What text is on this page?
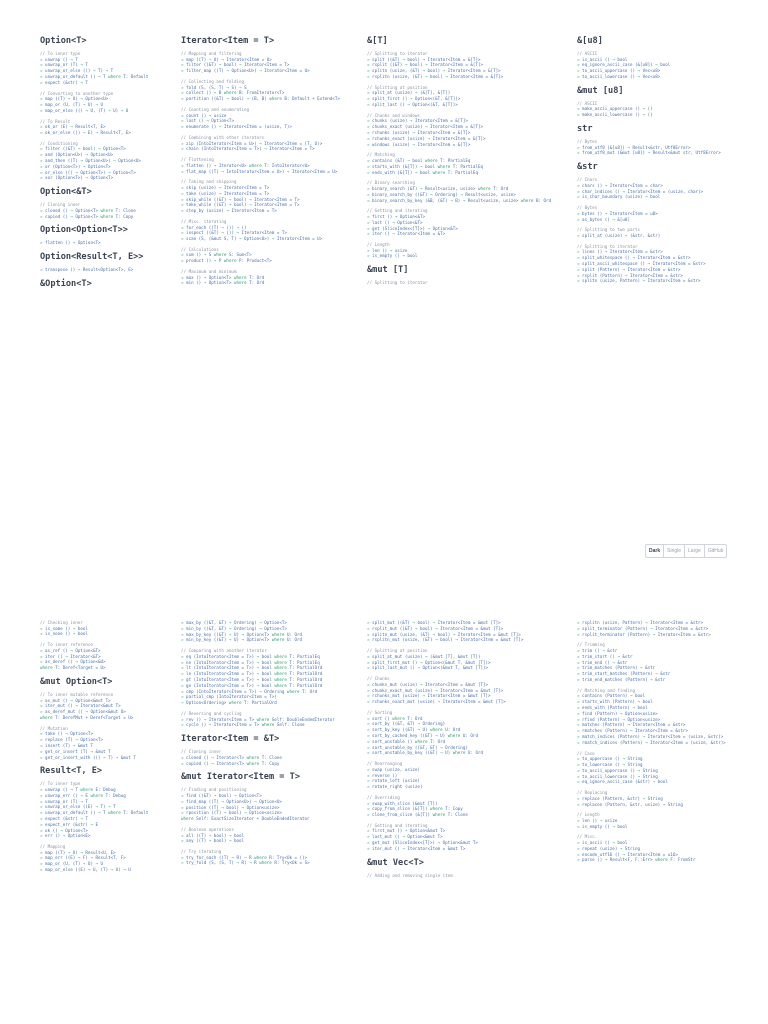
Option<T>
// To inner type
⇒ unwrap () → T
⇒ unwrap_or (T) → T
⇒ unwrap_or_else (() → T) → T
⇒ unwrap_or_default () → T where T: Default
⇒ expect (&str) → T
// Converting to another type
⇒ map ((T) → U) → Option<U>
⇒ map_or (U, (T) → U) → U
⇒ map_or_else (() → U, (T) → U) → U
// To Result
⇒ ok_or (E) → Result<T, E>
⇒ ok_or_else (() → E) → Result<T, E>
// Conditioning
⇒ filter ((&T) → bool) → Option<T>
⇒ and (Option<U>) → Option<U>
⇒ and_then ((T) → Option<U>) → Option<U>
⇒ or (Option<T>) → Option<T>
⇒ or_else (() → Option<T>) → Option<T>
⇒ xor (Option<T>) → Option<T>
Option<&T>
// Cloning inner
⇒ cloned () → Option<T> where T: Clone
⇒ copied () → Option<T> where T: Copy
Option<Option<T>>
⇒ flatten () → Option<T>
Option<Result<T, E>>
⇒ transpose () → Result<Option<T>, E>
&Option<T>
Iterator<Item = T>
// Mapping and filtering
⇒ map ((T) → U) → Iterator<Item = U>
⇒ filter ((&T) → bool) → Iterator<Item = T>
⇒ filter_map ((T) → Option<U>) → Iterator<Item = U>
// Collecting and folding
⇒ fold (S, (S, T) → S) → S
⇒ collect () → B where B: FromIterator<T>
⇒ partition ((&T) → bool) → (B, B) where B: Default + Extend<T>
// Counting and enumerating
⇒ count () → usize
⇒ last () → Option<T>
⇒ enumerate () → Iterator<Item = (usize, T)>
// Combining with other iterators
⇒ zip (IntoIterator<Item = U>) → Iterator<Item = (T, U)>
⇒ chain (IntoIterator<Item = T>) → Iterator<Item = T>
// Flattening
⇒ flatten () → Iterator<U> where T: IntoIterator<U>
⇒ flat_map ((T) → IntoIterator<Item = U>) → Iterator<Item = U>
// Taking and skipping
⇒ skip (usize) → Iterator<Item = T>
⇒ take (usize) → Iterator<Item = T>
⇒ skip_while ((&T) → bool) → Iterator<Item = T>
⇒ take_while ((&T) → bool) → Iterator<Item = T>
⇒ step_by (usize) → Iterator<Item = T>
// Misc. iterating
⇒ for_each ((T) → ()) → ()
⇒ inspect ((&T) → ()) → Iterator<Item = T>
⇒ scan (S, (&mut S, T) → Option<U>) → Iterator<Item = U>
// Calculations
⇒ sum () → S where S: Sum<T>
⇒ product () → P where P: Product<T>
// Maximum and minimum
⇒ max () → Option<T> where T: Ord
⇒ min () → Option<T> where T: Ord
&[T]
// Splitting to iterator
⇒ split ((&T) → bool) → Iterator<Item = &[T]>
⇒ rsplit ((&T) → bool) → Iterator<Item = &[T]>
⇒ splitn (usize, (&T) → bool) → Iterator<Item = &[T]>
⇒ rsplitn (usize, (&T) → bool) → Iterator<Item = &[T]>
// Splitting at position
⇒ split_at (usize) → (&[T], &[T])
⇒ split_first () → Option<(&T, &[T])>
⇒ split_last () → Option<(&T, &[T])>
// Chunks and windows
⇒ chunks (usize) → Iterator<Item = &[T]>
⇒ chunks_exact (usize) → Iterator<Item = &[T]>
⇒ rchunks (usize) → Iterator<Item = &[T]>
⇒ rchunks_exact (usize) → Iterator<Item = &[T]>
⇒ windows (usize) → Iterator<Item = &[T]>
// Matching
⇒ contains (&T) → bool where T: PartialEq
⇒ starts_with (&[T]) → bool where T: PartialEq
⇒ ends_with (&[T]) → bool where T: PartialEq
// Binary searching
⇒ binary_search (&T) → Result<usize, usize> where T: Ord
⇒ binary_search_by ((&T) → Ordering) → Result<usize, usize>
⇒ binary_search_by_key (&B, (&T) → B) → Result<usize, usize> where B: Ord
// Getting and iterating
⇒ first () → Option<&T>
⇒ last () → Option<&T>
⇒ get (SliceIndex<[T]>) → Option<&T>
⇒ iter () → Iterator<Item = &T>
// Length
⇒ len () → usize
⇒ is_empty () → bool
&mut [T]
// Splitting to iterator
&[u8]
// ASCII
⇒ is_ascii () → bool
⇒ eq_ignore_ascii_case (&[u8]) → bool
⇒ to_ascii_uppercase () → Vec<u8>
⇒ to_ascii_lowercase () → Vec<u8>
&mut [u8]
// ASCII
⇒ make_ascii_uppercase () → ()
⇒ make_ascii_lowercase () → ()
str
// Bytes
⇒ from_utf8 (&[u8]) → Result<&str, Utf8Error>
⇒ from_utf8_mut (&mut [u8]) → Result<&mut str, Utf8Error>
&str
// Chars
⇒ chars () → Iterator<Item = char>
⇒ char_indices () → Iterator<Item = (usize, char)>
⇒ is_char_boundary (usize) → bool
// Bytes
⇒ bytes () → Iterator<Item = u8>
⇒ as_bytes () → &[u8]
// Splitting to two parts
⇒ split_at (usize) → (&str, &str)
// Splitting to iterator
⇒ lines () → Iterator<Item = &str>
⇒ split_whitespace () → Iterator<Item = &str>
⇒ split_ascii_whitespace () → Iterator<Item = &str>
⇒ split (Pattern) → Iterator<Item = &str>
⇒ rsplit (Pattern) → Iterator<Item = &str>
⇒ splitn (usize, Pattern) → Iterator<Item = &str>
// Checking inner
⇒ is_some () → bool
⇒ is_none () → bool
// To inner reference
⇒ as_ref () → Option<&T>
⇒ iter () → Iterator<&T>
⇒ as_deref () → Option<&U>
where T: Deref<Target = U>
&mut Option<T>
// To inner mutable reference
⇒ as_mut () → Option<&mut T>
⇒ iter_mut () → Iterator<&mut T>
⇒ as_deref_mut () → Option<&mut U>
where T: DerefMut + Deref<Target = U>
// Mutation
⇒ take () → Option<T>
⇒ replace (T) → Option<T>
⇒ insert (T) → &mut T
⇒ get_or_insert (T) → &mut T
⇒ get_or_insert_with (() → T) → &mut T
Result<T, E>
// To inner type
⇒ unwrap () → T where E: Debug
⇒ unwrap_err () → E where T: Debug
⇒ unwrap_or (T) → T
⇒ unwrap_or_else ((E) → T) → T
⇒ unwrap_or_default () → T where T: Default
⇒ expect (&str) → T
⇒ expect_err (&str) → E
⇒ ok () → Option<T>
⇒ err () → Option<E>
// Mapping
⇒ map ((T) → U) → Result<U, E>
⇒ map_err ((E) → F) → Result<T, F>
⇒ map_or (U, (T) → U) → U
⇒ map_or_else ((E) → U, (T) → U) → U
⇒ max_by ((&T, &T) → Ordering) → Option<T>
⇒ min_by ((&T, &T) → Ordering) → Option<T>
⇒ max_by_key ((&T) → U) → Option<T> where U: Ord
⇒ min_by_key ((&T) → U) → Option<T> where U: Ord
// Comparing with another iterator
⇒ eq (IntoIterator<Item = T>) → bool where T: PartialEq
⇒ ne (IntoIterator<Item = T>) → bool where T: PartialEq
⇒ lt (IntoIterator<Item = T>) → bool where T: PartialOrd
⇒ le (IntoIterator<Item = T>) → bool where T: PartialOrd
⇒ gt (IntoIterator<Item = T>) → bool where T: PartialOrd
⇒ ge (IntoIterator<Item = T>) → bool where T: PartialOrd
⇒ cmp (IntoIterator<Item = T>) → Ordering where T: Ord
⇒ partial_cmp (IntoIterator<Item = T>)
→ Option<Ordering> where T: PartialOrd
// Reversing and cycling
⇒ rev () → Iterator<Item = T> where Self: DoubleEndedIterator
⇒ cycle () → Iterator<Item = T> where Self: Clone
Iterator<Item = &T>
// Cloning inner
⇒ cloned () → Iterator<T> where T: Clone
⇒ copied () → Iterator<T> where T: Copy
&mut Iterator<Item = T>
// Finding and positioning
⇒ find ((&T) → bool) → Option<T>
⇒ find_map ((T) → Option<U>) → Option<U>
⇒ position ((T) → bool) → Option<usize>
⇒ rposition ((T) → bool) → Option<usize>
where Self: ExactSizeIterator + DoubleEndedIterator
// Boolean operations
⇒ all ((T) → bool) → bool
⇒ any ((T) → bool) → bool
// Try iterating
⇒ try_for_each ((T) → R) → R where R: Try<Ok = ()>
⇒ try_fold (S, (S, T) → R) → R where R: Try<Ok = S>
⇒ split_mut ((&T) → bool) → Iterator<Item = &mut [T]>
⇒ rsplit_mut ((&T) → bool) → Iterator<Item = &mut [T]>
⇒ splitn_mut (usize, (&T) → bool) → Iterator<Item = &mut [T]>
⇒ rsplitn_mut (usize, (&T) → bool) → Iterator<Item = &mut [T]>
// Splitting at position
⇒ split_at_mut (usize) → (&mut [T], &mut [T])
⇒ split_first_mut () → Option<(&mut T, &mut [T])>
⇒ split_last_mut () → Option<(&mut T, &mut [T])>
// Chunks
⇒ chunks_mut (usize) → Iterator<Item = &mut [T]>
⇒ chunks_exact_mut (usize) → Iterator<Item = &mut [T]>
⇒ rchunks_mut (usize) → Iterator<Item = &mut [T]>
⇒ rchunks_exact_mut (usize) → Iterator<Item = &mut [T]>
// Sorting
⇒ sort () where T: Ord
⇒ sort_by ((&T, &T) → Ordering)
⇒ sort_by_key ((&T) → U) where U: Ord
⇒ sort_by_cached_key ((&T) → U) where U: Ord
⇒ sort_unstable () where T: Ord
⇒ sort_unstable_by ((&T, &T) → Ordering)
⇒ sort_unstable_by_key ((&T) → U) where U: Ord
// Rearranging
⇒ swap (usize, usize)
⇒ reverse ()
⇒ rotate_left (usize)
⇒ rotate_right (usize)
// Overriding
⇒ swap_with_slice (&mut [T])
⇒ copy_from_slice (&[T]) where T: Copy
⇒ clone_from_slice (&[T]) where T: Clone
// Getting and iterating
⇒ first_mut () → Option<&mut T>
⇒ last_mut () → Option<&mut T>
⇒ get_mut (SliceIndex<[T]>) → Option<&mut T>
⇒ iter_mut () → Iterator<Item = &mut T>
&mut Vec<T>
// Adding and removing single item
⇒ rsplitn (usize, Pattern) → Iterator<Item = &str>
⇒ split_terminator (Pattern) → Iterator<Item = &str>
⇒ rsplit_terminator (Pattern) → Iterator<Item = &str>
// Trimming
⇒ trim () → &str
⇒ trim_start () → &str
⇒ trim_end () → &str
⇒ trim_matches (Pattern) → &str
⇒ trim_start_matches (Pattern) → &str
⇒ trim_end_matches (Pattern) → &str
// Matching and finding
⇒ contains (Pattern) → bool
⇒ starts_with (Pattern) → bool
⇒ ends_with (Pattern) → bool
⇒ find (Pattern) → Option<usize>
⇒ rfind (Pattern) → Option<usize>
⇒ matches (Pattern) → Iterator<Item = &str>
⇒ rmatches (Pattern) → Iterator<Item = &str>
⇒ match_indices (Pattern) → Iterator<Item = (usize, &str)>
⇒ rmatch_indices (Pattern) → Iterator<Item = (usize, &str)>
// Case
⇒ to_uppercase () → String
⇒ to_lowercase () → String
⇒ to_ascii_uppercase () → String
⇒ to_ascii_lowercase () → String
⇒ eq_ignore_ascii_case (&str) → bool
// Replacing
⇒ replace (Pattern, &str) → String
⇒ replacen (Pattern, &str, usize) → String
// Length
⇒ len () → usize
⇒ is_empty () → bool
// Misc.
⇒ is_ascii () → bool
⇒ repeat (usize) → String
⇒ encode_utf16 () → Iterator<Item = u16>
⇒ parse () → Result<F, F::Err> where F: FromStr
Dark	Single	Large	GitHub
